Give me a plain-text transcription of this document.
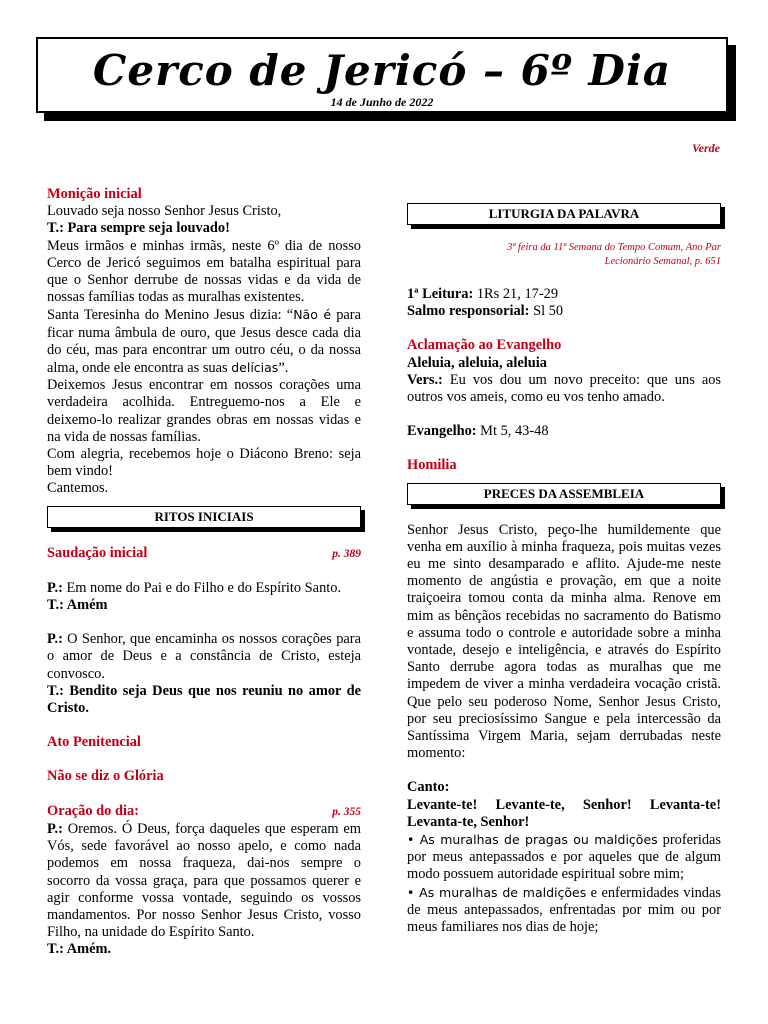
Cerco de Jericó – 6º Dia
14 de Junho de 2022
Verde

Monição inicial

Louvado seja nosso Senhor Jesus Cristo,

T.: Para sempre seja louvado!

Meus irmãos e minhas irmãs, neste 6º dia de nosso Cerco de Jericó seguimos em batalha espiritual para que o Senhor derrube de nossas vidas e da vida de nossas famílias todas as muralhas existentes.

Santa Teresinha do Menino Jesus dizia: “Não é para ficar numa âmbula de ouro, que Jesus desce cada dia do céu, mas para encontrar um outro céu, o da nossa alma, onde ele encontra as suas delícias”.

Deixemos Jesus encontrar em nossos corações uma verdadeira acolhida. Entreguemo-nos a Ele e deixemo-lo realizar grandes obras em nossas vidas e na vida de nossas famílias.

Com alegria, recebemos hoje o Diácono Breno: seja bem vindo!

Cantemos.

RITOS INICIAIS
Saudação inicial	p. 389

P.: Em nome do Pai e do Filho e do Espírito Santo.

T.: Amém

P.: O Senhor, que encaminha os nossos corações para o amor de Deus e a constância de Cristo, esteja convosco.

T.: Bendito seja Deus que nos reuniu no amor de Cristo.

Ato Penitencial

Não se diz o Glória

Oração do dia:	p. 355

P.: Oremos. Ó Deus, força daqueles que esperam em Vós, sede favorável ao nosso apelo, e como nada podemos em nossa fraqueza, dai-nos sempre o socorro da vossa graça, para que possamos querer e agir conforme vossa vontade, seguindo os vossos mandamentos. Por nosso Senhor Jesus Cristo, vosso Filho, na unidade do Espírito Santo.

T.: Amém.

LITURGIA DA PALAVRA

3ª feira da 11ª Semana do Tempo Comum, Ano Par

Lecionário Semanal, p. 651

1ª Leitura: 1Rs 21, 17-29

Salmo responsorial: Sl 50

Aclamação ao Evangelho

Aleluia, aleluia, aleluia

Vers.: Eu vos dou um novo preceito: que uns aos outros vos ameis, como eu vos tenho amado.

Evangelho: Mt 5, 43-48

Homilia

PRECES DA ASSEMBLEIA

Senhor Jesus Cristo, peço-lhe humildemente que venha em auxílio à minha fraqueza, pois muitas vezes eu me sinto desamparado e aflito. Ajude-me neste momento de angústia e provação, em que a noite traiçoeira tomou conta da minha alma. Renove em mim as bênçãos recebidas no sacramento do Batismo e assuma todo o controle e autoridade sobre a minha vontade, desejo e inteligência, e através do Espírito Santo derrube agora todas as muralhas que me impedem de viver a minha verdadeira vocação cristã. Que pelo seu poderoso Nome, Senhor Jesus Cristo, por seu preciosíssimo Sangue e pela intercessão da Santíssima Virgem Maria, sejam derrubadas neste momento:

Canto:

Levante-te! Levante-te, Senhor! Levanta-te! Levanta-te, Senhor!

• As muralhas de pragas ou maldições proferidas por meus antepassados e por aqueles que de algum modo possuem autoridade espiritual sobre mim;

• As muralhas de maldições e enfermidades vindas de meus antepassados, enfrentadas por mim ou por meus familiares nos dias de hoje;
